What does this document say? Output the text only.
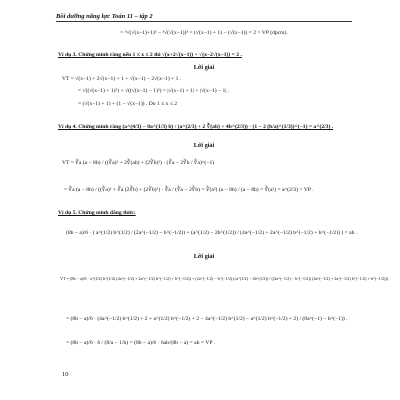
Bồi dưỡng năng lực Toán 11 – tập 2
= ³√(√(x−1)+1)³ − ³√(√(x−1))³ = (√(x−1) + 1) − (√(x−1)) = 2 = VP (dpcm).
Ví dụ 3. Chứng minh rằng nếu 1 ≤ x ≤ 2 thì √(x+2√(x−1)) + √(x−2√(x−1)) = 2 .
Lời giải
VT = √(x−1) + 2√(x−1) + 1 + √(x−1) − 2√(x−1) + 1 .
= √((√(x−1) + 1)²) + √((√(x−1) − 1)²) = |√(x−1) + 1| + |√(x−1) − 1| .
= (√(x−1) + 1) + (1 − √(x−1)) . Do 1 ≤ x ≤ 2
Ví dụ 4. Chứng minh rằng (a^(4/3) − 8a^(1/3) b) / (a^(2/3) + 2 ∛(ab) + 4b^(2/3)) · (1 − 2 (b/a)^(1/3))^(−1) = a^(2/3) .
Lời giải
VT = ∛a (a − 8b) / ((∛a)² + 2∛(ab) + (2∛b)²) · (∛a − 2∛b / ∛a)^(−1)
= ∛a (a − 8b) / ((∛a)² + ∛a (2∛b) + (2∛b)²) · ∛a / (∛a − 2∛b) = ∛(a²) (a − 8b) / (a − 8b) = ∛(a²) = a^(2/3) = VP .
Ví dụ 5. Chứng minh đẳng thức:
(8b − a)/6 · ( a^(1/2) b^(1/2) / (2a^(−1/2) − b^(−1/2)) + (a^(1/2) − 2b^(1/2)) / (4a^(−1/2) + 2a^(−1/2) b^(−1/2) + b^(−1/2)) ) = ab .
Lời giải
VT = (8b − a)/6 · a^(1/2) b^(1/2) (4a^(−1/2) + 2a^(−1/2) b^(−1/2) + b^(−1/2)) + (2a^(−1/2) − b^(−1/2)) (a^(1/2) − 2b^(1/2)) / ((2a^(−1/2) − b^(−1/2)) (4a^(−1/2) + 2a^(−1/2) b^(−1/2) + b^(−1/2))) .
= (8b − a)/6 · (4a^(−1/2) b^(1/2) + 2 + a^(1/2) b^(−1/2) + 2 − 4a^(−1/2) b^(1/2) − a^(1/2) b^(−1/2) + 2) / (8a^(−1) − b^(−1)) .
= (8b − a)/6 · 6 / (8/a − 1/b) = (8b − a)/6 · 6ab/(8b − a) = ab = VP .
10
